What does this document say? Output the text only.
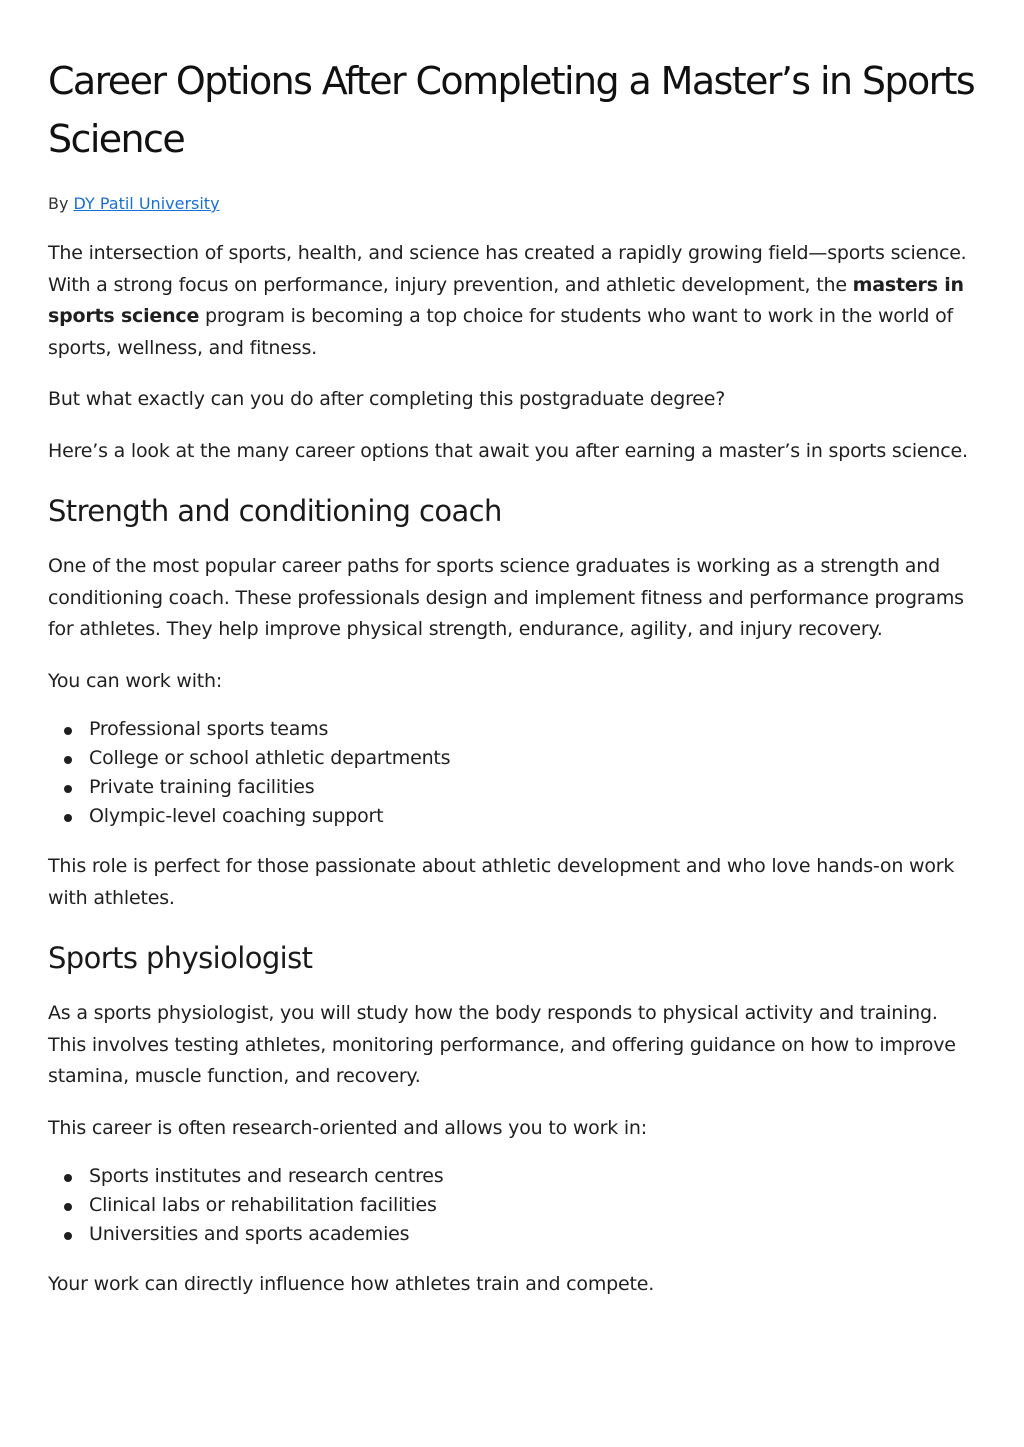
Career Options After Completing a Master’s in Sports Science
By DY Patil University

The intersection of sports, health, and science has created a rapidly growing field—sports science. With a strong focus on performance, injury prevention, and athletic development, the masters in sports science program is becoming a top choice for students who want to work in the world of sports, wellness, and fitness.

But what exactly can you do after completing this postgraduate degree?

Here’s a look at the many career options that await you after earning a master’s in sports science.

Strength and conditioning coach

One of the most popular career paths for sports science graduates is working as a strength and conditioning coach. These professionals design and implement fitness and performance programs for athletes. They help improve physical strength, endurance, agility, and injury recovery.

You can work with:

Professional sports teams
College or school athletic departments
Private training facilities
Olympic-level coaching support

This role is perfect for those passionate about athletic development and who love hands-on work with athletes.

Sports physiologist

As a sports physiologist, you will study how the body responds to physical activity and training. This involves testing athletes, monitoring performance, and offering guidance on how to improve stamina, muscle function, and recovery.

This career is often research-oriented and allows you to work in:

Sports institutes and research centres
Clinical labs or rehabilitation facilities
Universities and sports academies

Your work can directly influence how athletes train and compete.
